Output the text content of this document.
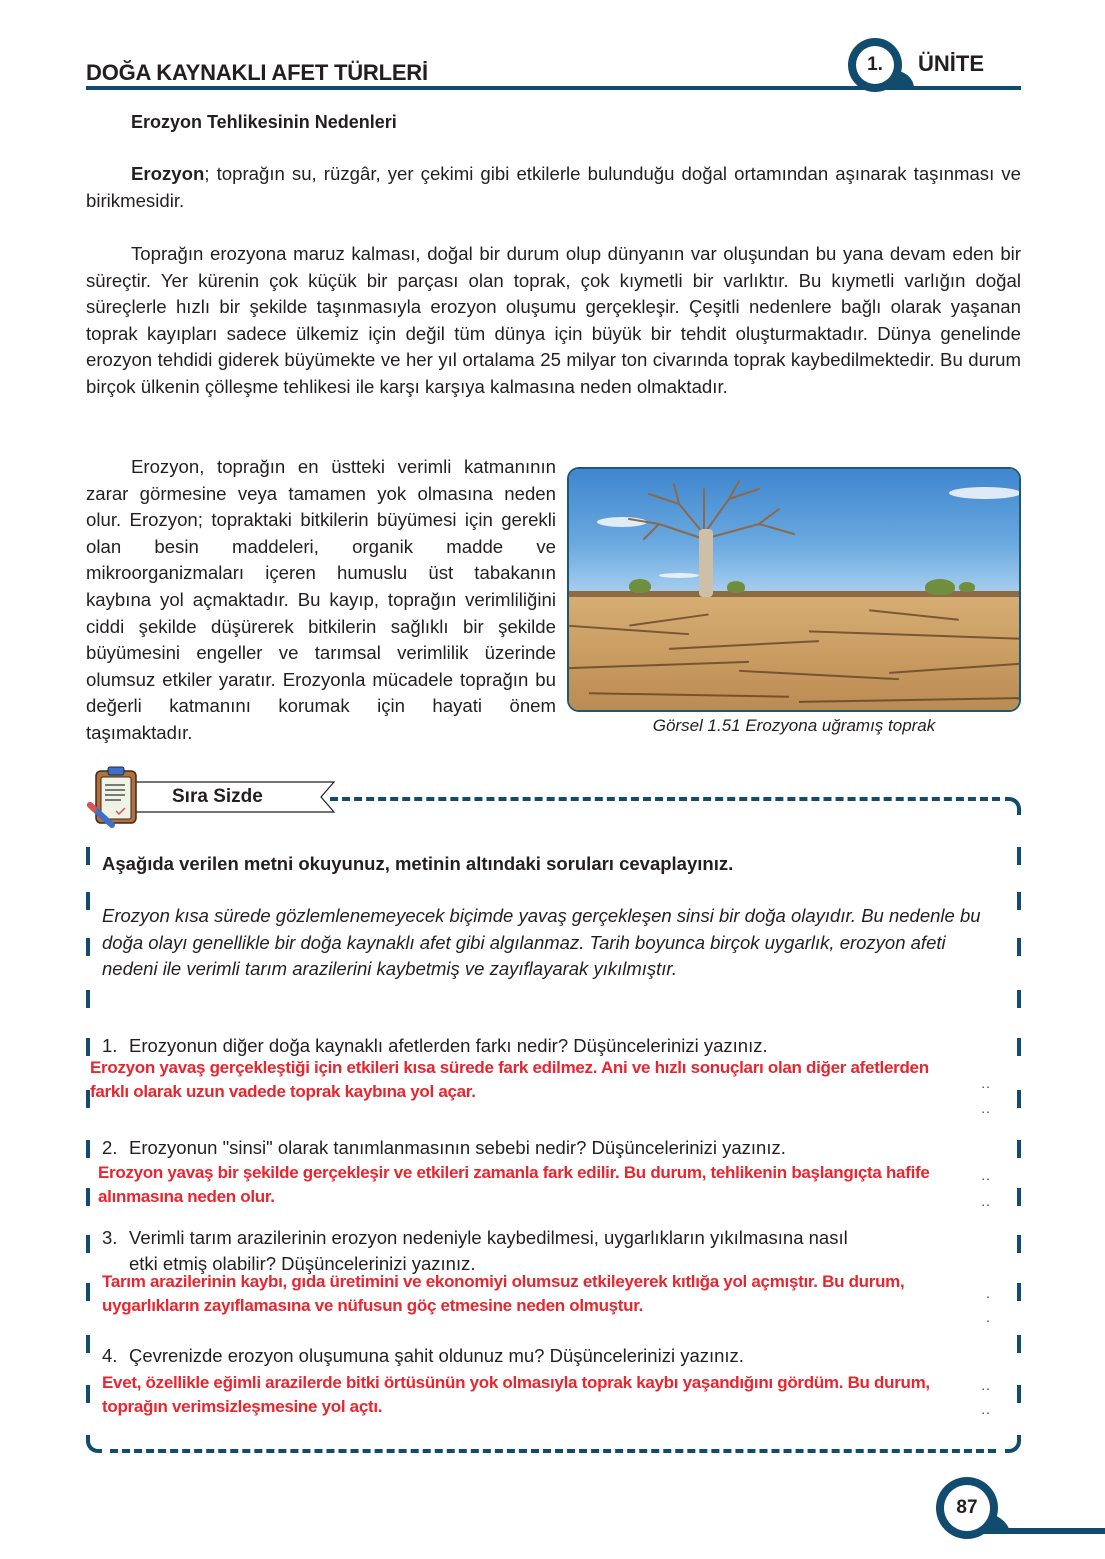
DOĞA KAYNAKLI AFET TÜRLERİ	1.	ÜNİTE
Erozyon Tehlikesinin Nedenleri

Erozyon; toprağın su, rüzgâr, yer çekimi gibi etkilerle bulunduğu doğal ortamından aşınarak taşınması ve birikmesidir.

Toprağın erozyona maruz kalması, doğal bir durum olup dünyanın var oluşundan bu yana devam eden bir süreçtir. Yer kürenin çok küçük bir parçası olan toprak, çok kıymetli bir varlıktır. Bu kıymetli varlığın doğal süreçlerle hızlı bir şekilde taşınmasıyla erozyon oluşumu gerçekleşir. Çeşitli nedenlere bağlı olarak yaşanan toprak kayıpları sadece ülkemiz için değil tüm dünya için büyük bir tehdit oluşturmaktadır. Dünya genelinde erozyon tehdidi giderek büyümekte ve her yıl ortalama 25 milyar ton civarında toprak kaybedilmektedir. Bu durum birçok ülkenin çölleşme tehlikesi ile karşı karşıya kalmasına neden olmaktadır.

Erozyon, toprağın en üstteki verimli katmanının zarar görmesine veya tamamen yok olmasına neden olur. Erozyon; topraktaki bitkilerin büyümesi için gerekli olan besin maddeleri, organik madde ve mikroorganizmaları içeren humuslu üst tabakanın kaybına yol açmaktadır. Bu kayıp, toprağın verimliliğini ciddi şekilde düşürerek bitkilerin sağlıklı bir şekilde büyümesini engeller ve tarımsal verimlilik üzerinde olumsuz etkiler yaratır. Erozyonla mücadele toprağın bu değerli katmanını korumak için hayati önem taşımaktadır.	Görsel 1.51 Erozyona uğramış toprak
Sıra Sizde
Aşağıda verilen metni okuyunuz, metinin altındaki soruları cevaplayınız.
Erozyon kısa sürede gözlemlenemeyecek biçimde yavaş gerçekleşen sinsi bir doğa olayıdır. Bu nedenle bu doğa olayı genellikle bir doğa kaynaklı afet gibi algılanmaz. Tarih boyunca birçok uygarlık, erozyon afeti nedeni ile verimli tarım arazilerini kaybetmiş ve zayıflayarak yıkılmıştır.
1. Erozyonun diğer doğa kaynaklı afetlerden farkı nedir? Düşüncelerinizi yazınız.
Erozyon yavaş gerçekleştiği için etkileri kısa sürede fark edilmez. Ani ve hızlı sonuçları olan diğer afetlerden farklı olarak uzun vadede toprak kaybına yol açar.	..
..
2. Erozyonun "sinsi" olarak tanımlanmasının sebebi nedir? Düşüncelerinizi yazınız.
Erozyon yavaş bir şekilde gerçekleşir ve etkileri zamanla fark edilir. Bu durum, tehlikenin başlangıçta hafife alınmasına neden olur.
..
..
3. Verimli tarım arazilerinin erozyon nedeniyle kaybedilmesi, uygarlıkların yıkılmasına nasıl
etki etmiş olabilir? Düşüncelerinizi yazınız.
Tarım arazilerinin kaybı, gıda üretimini ve ekonomiyi olumsuz etkileyerek kıtlığa yol açmıştır. Bu durum, uygarlıkların zayıflamasına ve nüfusun göç etmesine neden olmuştur.
.
.
4. Çevrenizde erozyon oluşumuna şahit oldunuz mu? Düşüncelerinizi yazınız.
Evet, özellikle eğimli arazilerde bitki örtüsünün yok olmasıyla toprak kaybı yaşandığını gördüm. Bu durum, toprağın verimsizleşmesine yol açtı.
..
..
87
